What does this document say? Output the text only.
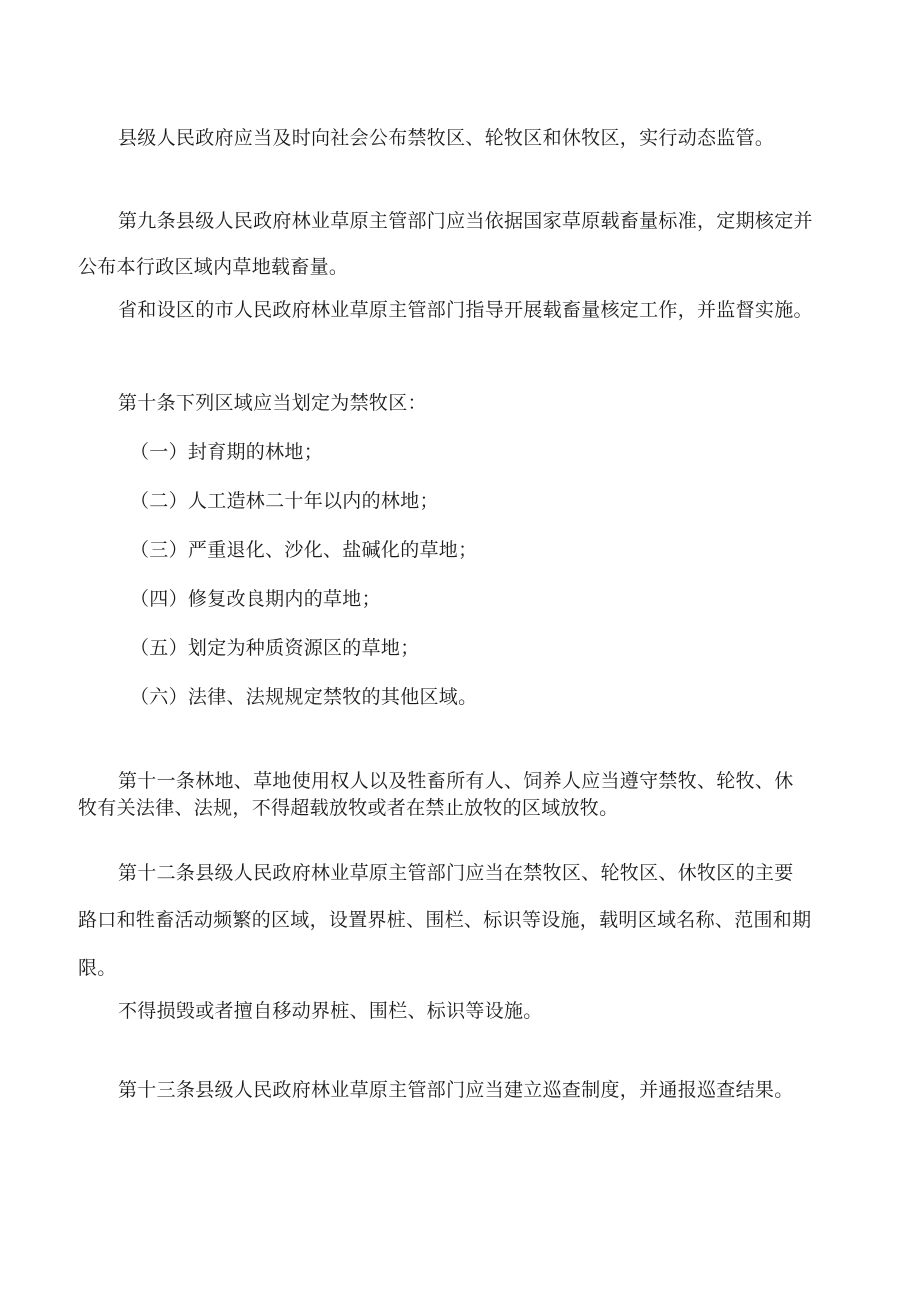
县级人民政府应当及时向社会公布禁牧区、轮牧区和休牧区，实行动态监管。
第九条县级人民政府林业草原主管部门应当依据国家草原载畜量标准，定期核定并
公布本行政区域内草地载畜量。
省和设区的市人民政府林业草原主管部门指导开展载畜量核定工作，并监督实施。
第十条下列区域应当划定为禁牧区：
（一）封育期的林地；
（二）人工造林二十年以内的林地；
（三）严重退化、沙化、盐碱化的草地；
（四）修复改良期内的草地；
（五）划定为种质资源区的草地；
（六）法律、法规规定禁牧的其他区域。
第十一条林地、草地使用权人以及牲畜所有人、饲养人应当遵守禁牧、轮牧、休
牧有关法律、法规，不得超载放牧或者在禁止放牧的区域放牧。
第十二条县级人民政府林业草原主管部门应当在禁牧区、轮牧区、休牧区的主要
路口和牲畜活动频繁的区域，设置界桩、围栏、标识等设施，载明区域名称、范围和期
限。
不得损毁或者擅自移动界桩、围栏、标识等设施。
第十三条县级人民政府林业草原主管部门应当建立巡查制度，并通报巡查结果。
